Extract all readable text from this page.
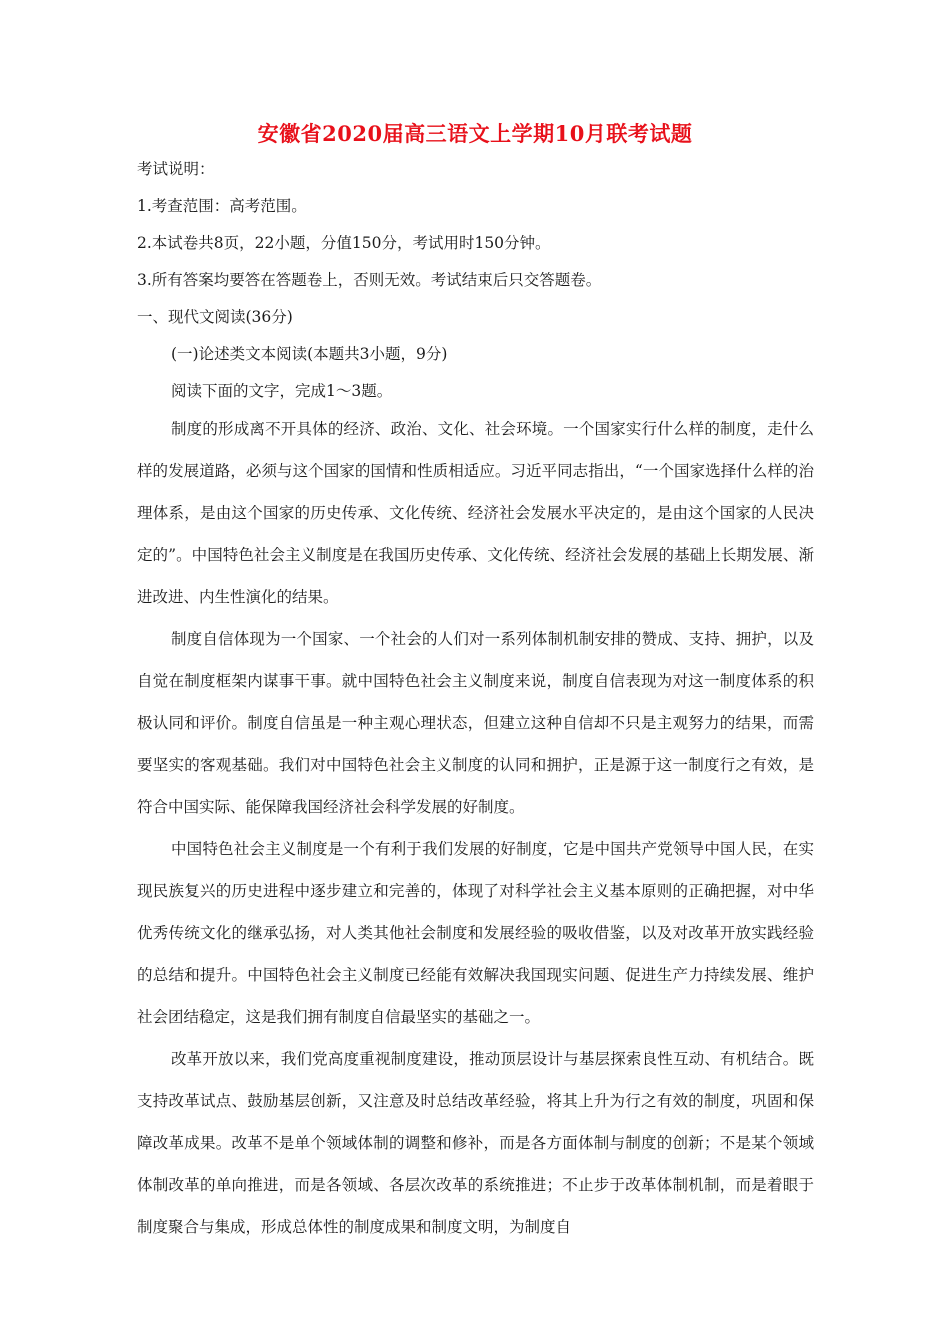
安徽省2020届高三语文上学期10月联考试题
考试说明：
1.考查范围：高考范围。
2.本试卷共8页，22小题，分值150分，考试用时150分钟。
3.所有答案均要答在答题卷上，否则无效。考试结束后只交答题卷。
一、现代文阅读(36分)
(一)论述类文本阅读(本题共3小题，9分)
阅读下面的文字，完成1～3题。

制度的形成离不开具体的经济、政治、文化、社会环境。一个国家实行什么样的制度，走什么样的发展道路，必须与这个国家的国情和性质相适应。习近平同志指出，“一个国家选择什么样的治理体系，是由这个国家的历史传承、文化传统、经济社会发展水平决定的，是由这个国家的人民决定的”。中国特色社会主义制度是在我国历史传承、文化传统、经济社会发展的基础上长期发展、渐进改进、内生性演化的结果。

制度自信体现为一个国家、一个社会的人们对一系列体制机制安排的赞成、支持、拥护，以及自觉在制度框架内谋事干事。就中国特色社会主义制度来说，制度自信表现为对这一制度体系的积极认同和评价。制度自信虽是一种主观心理状态，但建立这种自信却不只是主观努力的结果，而需要坚实的客观基础。我们对中国特色社会主义制度的认同和拥护，正是源于这一制度行之有效，是符合中国实际、能保障我国经济社会科学发展的好制度。

中国特色社会主义制度是一个有利于我们发展的好制度，它是中国共产党领导中国人民，在实现民族复兴的历史进程中逐步建立和完善的，体现了对科学社会主义基本原则的正确把握，对中华优秀传统文化的继承弘扬，对人类其他社会制度和发展经验的吸收借鉴，以及对改革开放实践经验的总结和提升。中国特色社会主义制度已经能有效解决我国现实问题、促进生产力持续发展、维护社会团结稳定，这是我们拥有制度自信最坚实的基础之一。

改革开放以来，我们党高度重视制度建设，推动顶层设计与基层探索良性互动、有机结合。既支持改革试点、鼓励基层创新，又注意及时总结改革经验，将其上升为行之有效的制度，巩固和保障改革成果。改革不是单个领域体制的调整和修补，而是各方面体制与制度的创新；不是某个领域体制改革的单向推进，而是各领域、各层次改革的系统推进；不止步于改革体制机制，而是着眼于制度聚合与集成，形成总体性的制度成果和制度文明，为制度自
